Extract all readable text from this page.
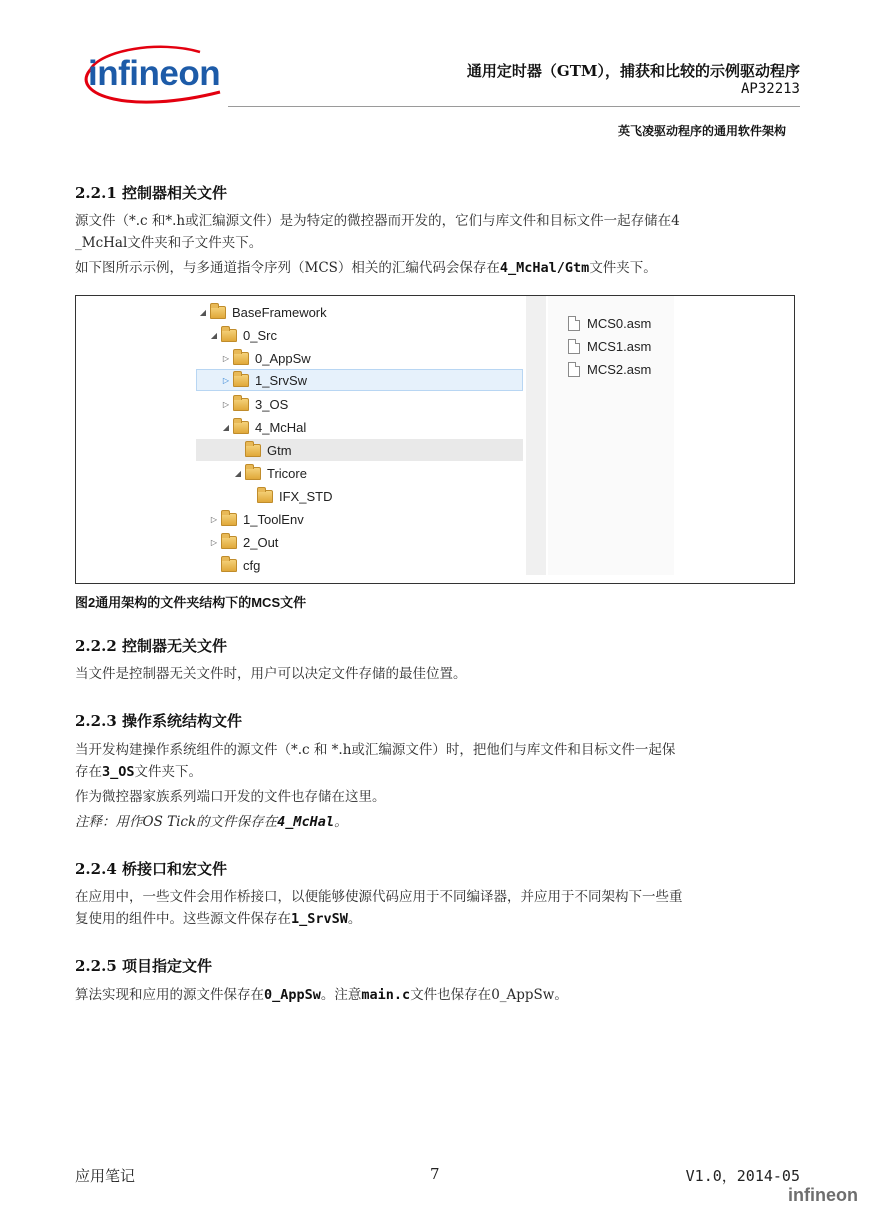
infineon	通用定时器（GTM），捕获和比较的示例驱动程序
AP32213
英飞凌驱动程序的通用软件架构
2.2.1 控制器相关文件
源文件（*.c 和*.h或汇编源文件）是为特定的微控器而开发的，它们与库文件和目标文件一起存储在4
_McHal文件夹和子文件夹下。
如下图所示示例，与多通道指令序列（MCS）相关的汇编代码会保存在4_McHal/Gtm文件夹下。
◢ BaseFramework
◢ 0_Src
▷ 0_AppSw
▷ 1_SrvSw
▷ 3_OS
◢ 4_McHal
Gtm
◢ Tricore
IFX_STD
▷ 1_ToolEnv
▷ 2_Out
cfg
MCS0.asm
MCS1.asm
MCS2.asm
图2通用架构的文件夹结构下的MCS文件
2.2.2 控制器无关文件
当文件是控制器无关文件时，用户可以决定文件存储的最佳位置。
2.2.3 操作系统结构文件
当开发构建操作系统组件的源文件（*.c 和 *.h或汇编源文件）时，把他们与库文件和目标文件一起保
存在3_OS文件夹下。
作为微控器家族系列端口开发的文件也存储在这里。
注释：用作OS Tick的文件保存在4_McHal。
2.2.4 桥接口和宏文件
在应用中，一些文件会用作桥接口，以便能够使源代码应用于不同编译器，并应用于不同架构下一些重
复使用的组件中。这些源文件保存在1_SrvSW。
2.2.5 项目指定文件
算法实现和应用的源文件保存在0_AppSw。注意main.c文件也保存在0_AppSw。
应用笔记	7	V1.0，2014-05
infineon
